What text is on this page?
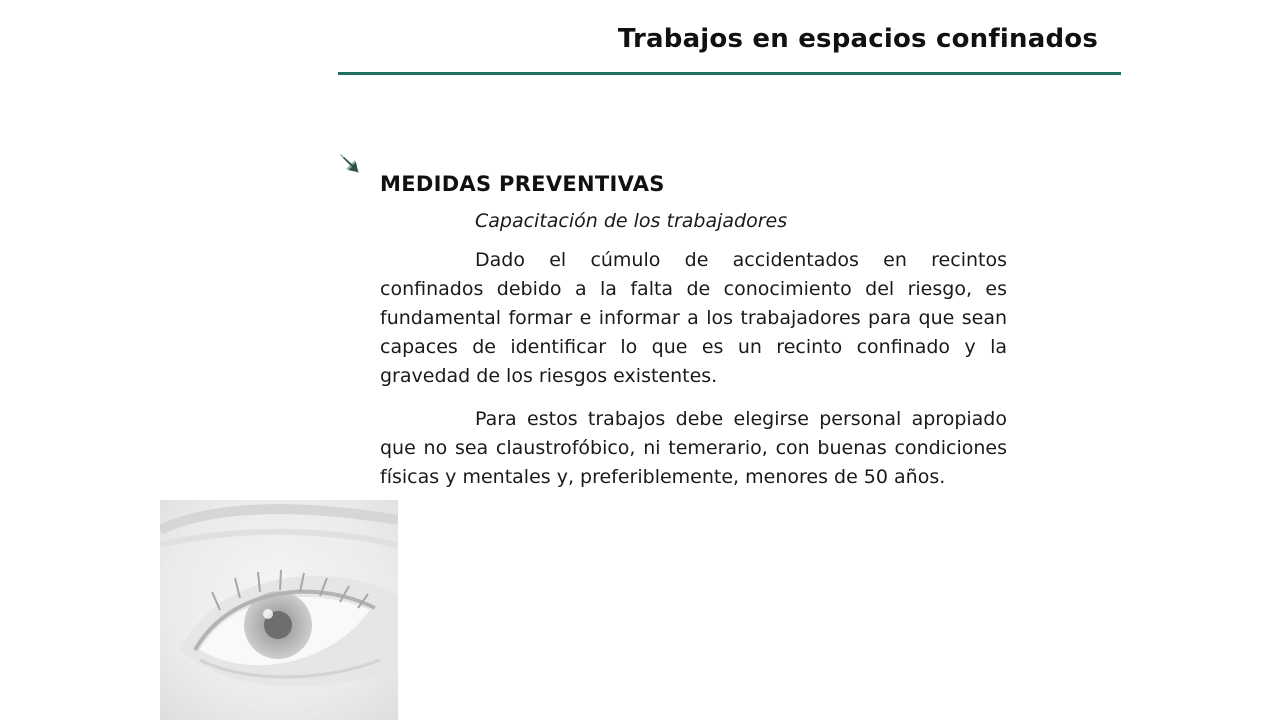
Trabajos en espacios confinados
MEDIDAS PREVENTIVAS
Capacitación de los trabajadores

Dado el cúmulo de accidentados en recintos confinados debido a la falta de conocimiento del riesgo, es fundamental formar e informar a los trabajadores para que sean capaces de identificar lo que es un recinto confinado y la gravedad de los riesgos existentes.

Para estos trabajos debe elegirse personal apropiado que no sea claustrofóbico, ni temerario, con buenas condiciones físicas y mentales y, preferiblemente, menores de 50 años.
